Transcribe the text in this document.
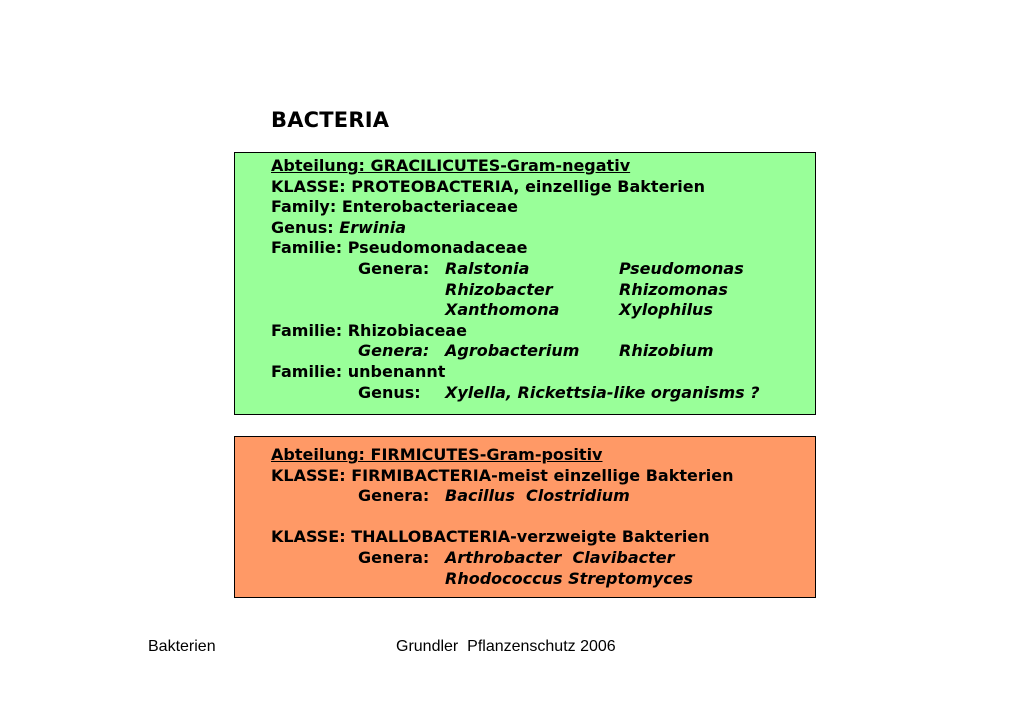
BACTERIA
Abteilung: GRACILICUTES-Gram-negativ
KLASSE: PROTEOBACTERIA, einzellige Bakterien
Family: Enterobacteriaceae
Genus: Erwinia
Familie: Pseudomonadaceae
Genera: Ralstonia	Pseudomonas
Rhizobacter	Rhizomonas
Xanthomona	Xylophilus
Familie: Rhizobiaceae
Genera: Agrobacterium Rhizobium
Familie: unbenannt
Genus: Xylella, Rickettsia-like organisms ?
Abteilung: FIRMICUTES-Gram-positiv
KLASSE: FIRMIBACTERIA-meist einzellige Bakterien
Genera: Bacillus  Clostridium
KLASSE: THALLOBACTERIA-verzweigte Bakterien
Genera: Arthrobacter  Clavibacter
Rhodococcus Streptomyces
Bakterien	Grundler  Pflanzenschutz 2006
